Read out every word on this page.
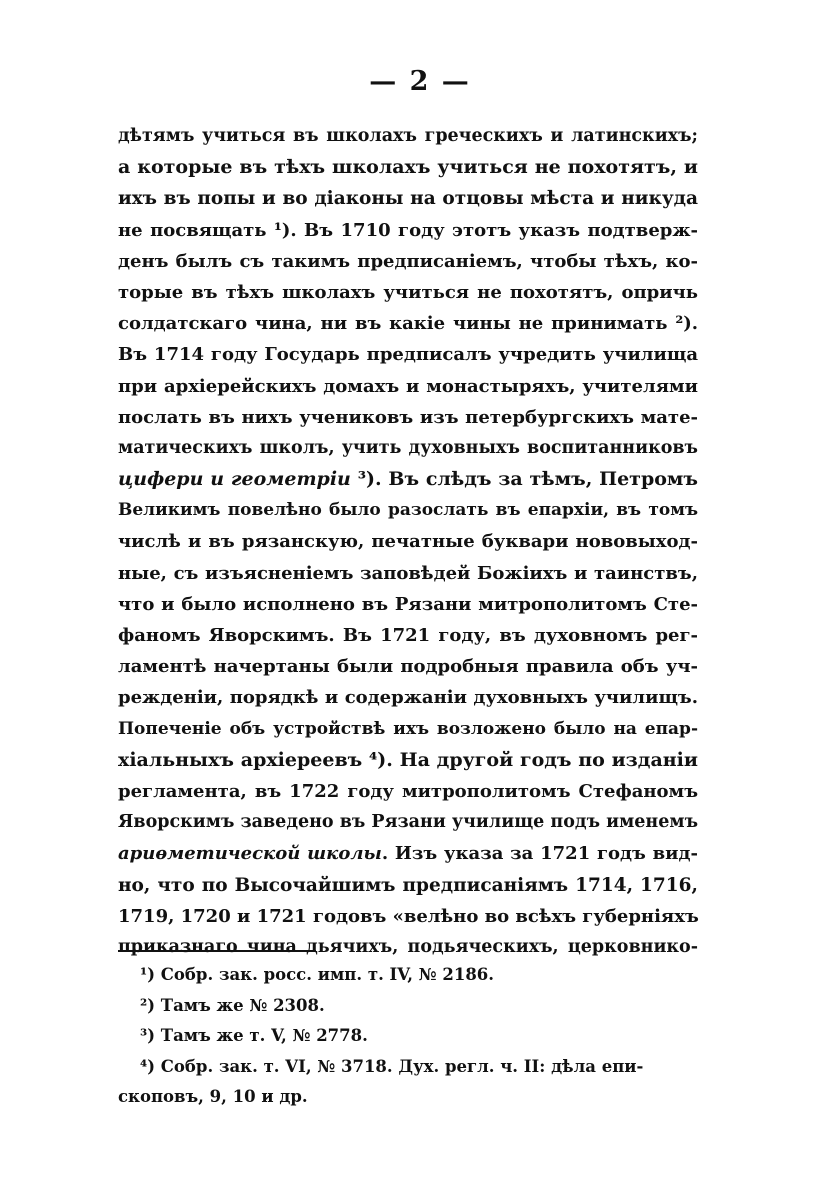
— 2 —
дѣтямъ учиться въ школахъ греческихъ и латинскихъ;
а которые въ тѣхъ школахъ учиться не похотятъ, и
ихъ въ попы и во діаконы на отцовы мѣста и никуда
не посвящать ¹). Въ 1710 году этотъ указъ подтверж‑
денъ былъ съ такимъ предписаніемъ, чтобы тѣхъ, ко‑
торые въ тѣхъ школахъ учиться не похотятъ, опричь
солдатскаго чина, ни въ какіе чины не принимать ²).
Въ 1714 году Государь предписалъ учредить училища
при архіерейскихъ домахъ и монастыряхъ, учителями
послать въ нихъ учениковъ изъ петербургскихъ мате‑
матическихъ школъ, учить духовныхъ воспитанниковъ
цифери и геометріи ³). Въ слѣдъ за тѣмъ, Петромъ
Великимъ повелѣно было разослать въ епархіи, въ томъ
числѣ и въ рязанскую, печатные буквари нововыход‑
ные, съ изъясненіемъ заповѣдей Божіихъ и таинствъ,
что и было исполнено въ Рязани митрополитомъ Сте‑
фаномъ Яворскимъ. Въ 1721 году, въ духовномъ рег‑
ламентѣ начертаны были подробныя правила объ уч‑
режденіи, порядкѣ и содержаніи духовныхъ училищъ.
Попеченіе объ устройствѣ ихъ возложено было на епар‑
хіальныхъ архіереевъ ⁴). На другой годъ по изданіи
регламента, въ 1722 году митрополитомъ Стефаномъ
Яворскимъ заведено въ Рязани училище подъ именемъ
ариѳметической школы. Изъ указа за 1721 годъ вид‑
но, что по Высочайшимъ предписаніямъ 1714, 1716,
1719, 1720 и 1721 годовъ «велѣно во всѣхъ губерніяхъ
приказнаго чина дьячихъ, подьяческихъ, церковнико‑
¹) Собр. зак. росс. имп. т. IV, № 2186.
²) Тамъ же № 2308.
³) Тамъ же т. V, № 2778.
⁴) Собр. зак. т. VI, № 3718. Дух. регл. ч. II: дѣла епи‑
скоповъ, 9, 10 и др.
